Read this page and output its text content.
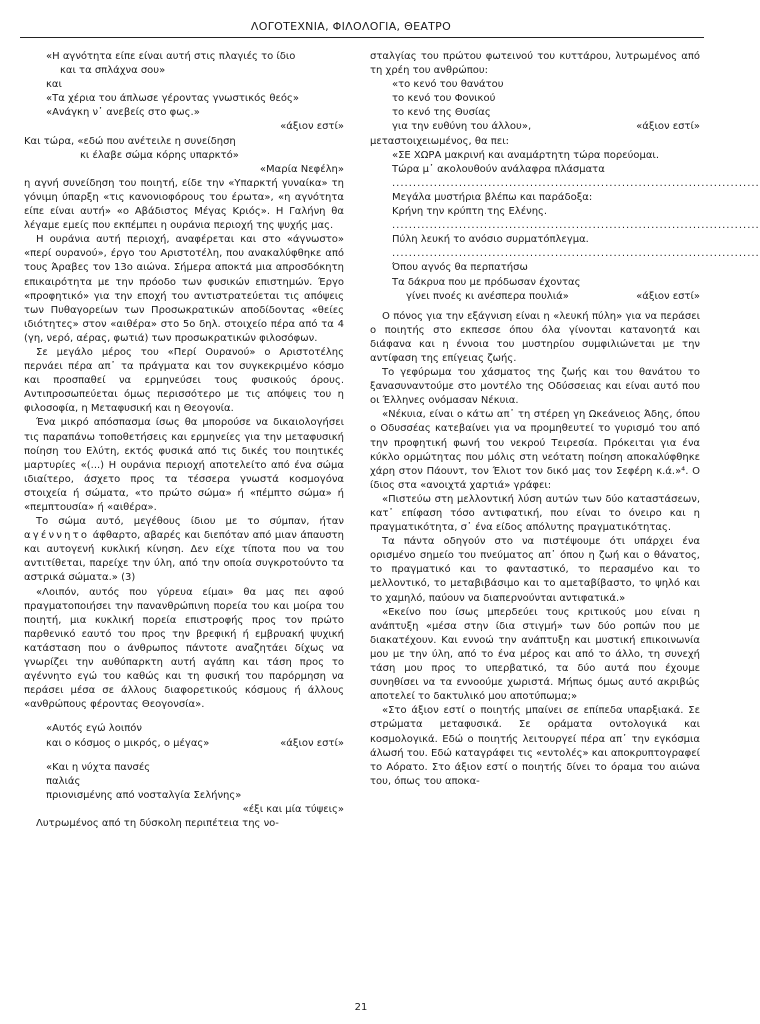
ΛΟΓΟΤΕΧΝΙΑ, ΦΙΛΟΛΟΓΙΑ, ΘΕΑΤΡΟ

«Η αγνότητα είπε είναι αυτή στις πλαγιές το ίδιο

και τα σπλάχνα σου»

και

«Τα χέρια του άπλωσε γέροντας γνωστικός θεός»

«Ανάγκη ν᾽ ανεβείς στο φως.»

«άξιον εστί»

Και τώρα, «εδώ που ανέτειλε η συνείδηση

κι έλαβε σώμα κόρης υπαρκτό»

«Μαρία Νεφέλη»

η αγνή συνείδηση του ποιητή, είδε την «Υπαρκτή γυναίκα» τη γόνιμη ύπαρξη «τις κανονιοφόρους του έρωτα», «η αγνότητα είπε είναι αυτή» «ο Αβάδιστος Μέγας Κριός». Η Γαλήνη θα λέγαμε εμείς που εκπέμπει η ουράνια περιοχή της ψυχής μας.

Η ουράνια αυτή περιοχή, αναφέρεται και στο «άγνωστο» «περί ουρανού», έργο του Αριστοτέλη, που ανακαλύφθηκε από τους Άραβες τον 13ο αιώνα. Σήμερα αποκτά μια απροσδόκητη επικαιρότητα με την πρόοδο των φυσικών επιστημών. Έργο «προφητικό» για την εποχή του αντιστρατεύεται τις απόψεις των Πυθαγορείων των Προσωκρατικών αποδίδοντας «θείες ιδιότητες» στον «αιθέρα» στο 5ο δηλ. στοιχείο πέρα από τα 4 (γη, νερό, αέρας, φωτιά) των προσωκρατικών φιλοσόφων.

Σε μεγάλο μέρος του «Περί Ουρανού» ο Αριστοτέλης περνάει πέρα απ᾽ τα πράγματα και τον συγκεκριμένο κόσμο και προσπαθεί να ερμηνεύσει τους φυσικούς όρους. Αντιπροσωπεύεται όμως περισσότερο με τις απόψεις του η φιλοσοφία, η Μεταφυσική και η Θεογονία.

Ένα μικρό απόσπασμα ίσως θα μπορούσε να δικαιολογήσει τις παραπάνω τοποθετήσεις και ερμηνείες για την μεταφυσική ποίηση του Ελύτη, εκτός φυσικά από τις δικές του ποιητικές μαρτυρίες «(...) Η ουράνια περιοχή αποτελείτο από ένα σώμα ιδιαίτερο, άσχετο προς τα τέσσερα γνωστά κοσμογόνα στοιχεία ή σώματα, «το πρώτο σώμα» ή «πέμπτο σώμα» ή «πεμπτουσία» ή «αιθέρα».

Το σώμα αυτό, μεγέθους ίδιου με το σύμπαν, ήταν αγέννητο άφθαρτο, αβαρές και διεπόταν από μιαν άπαυστη και αυτογενή κυκλική κίνηση. Δεν είχε τίποτα που να του αντιτίθεται, παρείχε την ύλη, από την οποία συγκροτούντο τα αστρικά σώματα.» (3)

«Λοιπόν, αυτός που γύρευα είμαι» θα μας πει αφού πραγματοποιήσει την πανανθρώπινη πορεία του και μοίρα του ποιητή, μια κυκλική πορεία επιστροφής προς τον πρώτο παρθενικό εαυτό του προς την βρεφική ή εμβρυακή ψυχική κατάσταση που ο άνθρωπος πάντοτε αναζητάει δίχως να γνωρίζει την αυθύπαρκτη αυτή αγάπη και τάση προς το αγέννητο εγώ του καθώς και τη φυσική του παρόρμηση να περάσει μέσα σε άλλους διαφορετικούς κόσμους ή άλλους «ανθρώπους φέροντας Θεογονσία».

«Αυτός εγώ λοιπόν

και ο κόσμος ο μικρός, ο μέγας»	«άξιον εστί»

«Και η νύχτα πανσές

παλιάς

πριονισμένης από νοσταλγία Σελήνης»

«έξι και μία τύψεις»

Λυτρωμένος από τη δύσκολη περιπέτεια της νο-

σταλγίας του πρώτου φωτεινού του κυττάρου, λυτρωμένος από τη χρέη του ανθρώπου:

«το κενό του θανάτου

το κενό του Φονικού

το κενό της Θυσίας

για την ευθύνη του άλλου»,	«άξιον εστί»

μεταστοιχειωμένος, θα πει:

«ΣΕ ΧΩΡΑ μακρινή και αναμάρτητη τώρα πορεύομαι.

Τώρα μ᾽ ακολουθούν ανάλαφρα πλάσματα

........................................................................................

Μεγάλα μυστήρια βλέπω και παράδοξα:

Κρήνη την κρύπτη της Ελένης.

........................................................................................

Πύλη λευκή το ανόσιο συρματόπλεγμα.

........................................................................................

Όπου αγνός θα περπατήσω

Τα δάκρυα που με πρόδωσαν έχοντας

γίνει πνοές κι ανέσπερα πουλιά»	«άξιον εστί»

Ο πόνος για την εξάγνιση είναι η «λευκή πύλη» για να περάσει ο ποιητής στο εκπεσσε όπου όλα γίνονται κατανοητά και διάφανα και η έννοια του μυστηρίου συμφιλιώνεται με την αντίφαση της επίγειας ζωής.

Το γεφύρωμα του χάσματος της ζωής και του θανάτου το ξανασυναντούμε στο μοντέλο της Οδύσσειας και είναι αυτό που οι Έλληνες ονόμασαν Νέκυια.

«Νέκυια, είναι ο κάτω απ᾽ τη στέρεη γη Ωκεάνειος Άδης, όπου ο Οδυσσέας κατεβαίνει για να προμηθευτεί το γυρισμό του από την προφητική φωνή του νεκρού Τειρεσία. Πρόκειται για ένα κύκλο ορμώτητας που μόλις στη νεότατη ποίηση αποκαλύφθηκε χάρη στον Πάουντ, τον Έλιοτ τον δικό μας τον Σεφέρη κ.ά.»⁴. Ο ίδιος στα «ανοιχτά χαρτιά» γράφει:

«Πιστεύω στη μελλοντική λύση αυτών των δύο καταστάσεων, κατ᾽ επίφαση τόσο αντιφατική, που είναι το όνειρο και η πραγματικότητα, σ᾽ ένα είδος απόλυτης πραγματικότητας.

Τα πάντα οδηγούν στο να πιστέψουμε ότι υπάρχει ένα ορισμένο σημείο του πνεύματος απ᾽ όπου η ζωή και ο θάνατος, το πραγματικό και το φανταστικό, το περασμένο και το μελλοντικό, το μεταβιβάσιμο και το αμεταβίβαστο, το ψηλό και το χαμηλό, παύουν να διαπερνούνται αντιφατικά.»

«Εκείνο που ίσως μπερδεύει τους κριτικούς μου είναι η ανάπτυξη «μέσα στην ίδια στιγμή» των δύο ροπών που με διακατέχουν. Και εννοώ την ανάπτυξη και μυστική επικοινωνία μου με την ύλη, από τo ένα μέρος και από το άλλο, τη συνεχή τάση μου προς το υπερβατικό, τα δύο αυτά που έχουμε συνηθίσει να τα εννοούμε χωριστά. Μήπως όμως αυτό ακριβώς αποτελεί το δακτυλικό μου αποτύπωμα;»

«Στο άξιον εστί ο ποιητής μπαίνει σε επίπεδα υπαρξιακά. Σε στρώματα μεταφυσικά. Σε οράματα οντολογικά και κοσμολογικά. Εδώ ο ποιητής λειτουργεί πέρα απ᾽ την εγκόσμια άλωσή του. Εδώ καταγράφει τις «εντολές» και αποκρυπτογραφεί το Αόρατο. Στο άξιον εστί ο ποιητής δίνει το όραμα του αιώνα του, όπως του αποκα-

21
